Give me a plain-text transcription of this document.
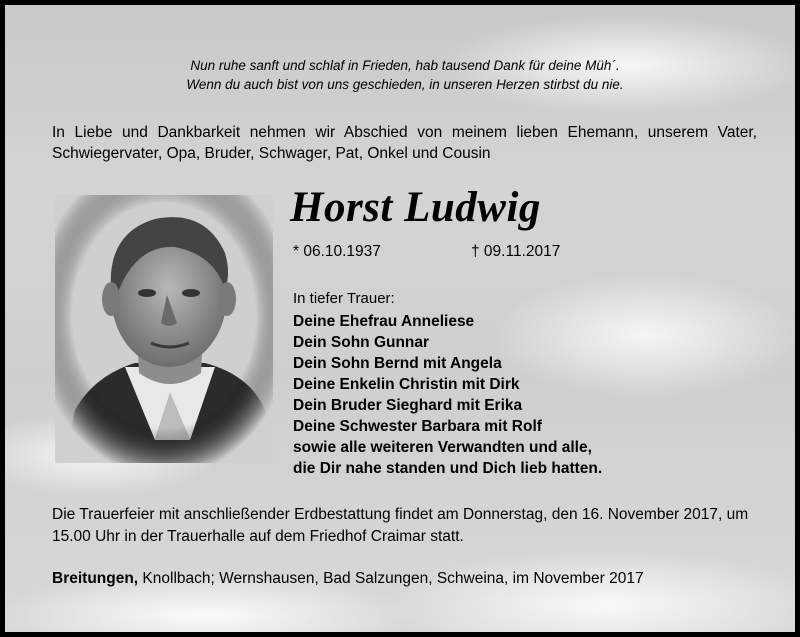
Nun ruhe sanft und schlaf in Frieden, hab tausend Dank für deine Müh´.
Wenn du auch bist von uns geschieden, in unseren Herzen stirbst du nie.
In Liebe und Dankbarkeit nehmen wir Abschied von meinem lieben Ehemann, unserem Vater, Schwiegervater, Opa, Bruder, Schwager, Pat, Onkel und Cousin
Horst Ludwig
* 06.10.1937	† 09.11.2017
In tiefer Trauer:
Deine Ehefrau Anneliese
Dein Sohn Gunnar
Dein Sohn Bernd mit Angela
Deine Enkelin Christin mit Dirk
Dein Bruder Sieghard mit Erika
Deine Schwester Barbara mit Rolf
sowie alle weiteren Verwandten und alle,
die Dir nahe standen und Dich lieb hatten.
Die Trauerfeier mit anschließender Erdbestattung findet am Donnerstag, den 16. November 2017, um 15.00 Uhr in der Trauerhalle auf dem Friedhof Craimar statt.
Breitungen, Knollbach; Wernshausen, Bad Salzungen, Schweina, im November 2017
